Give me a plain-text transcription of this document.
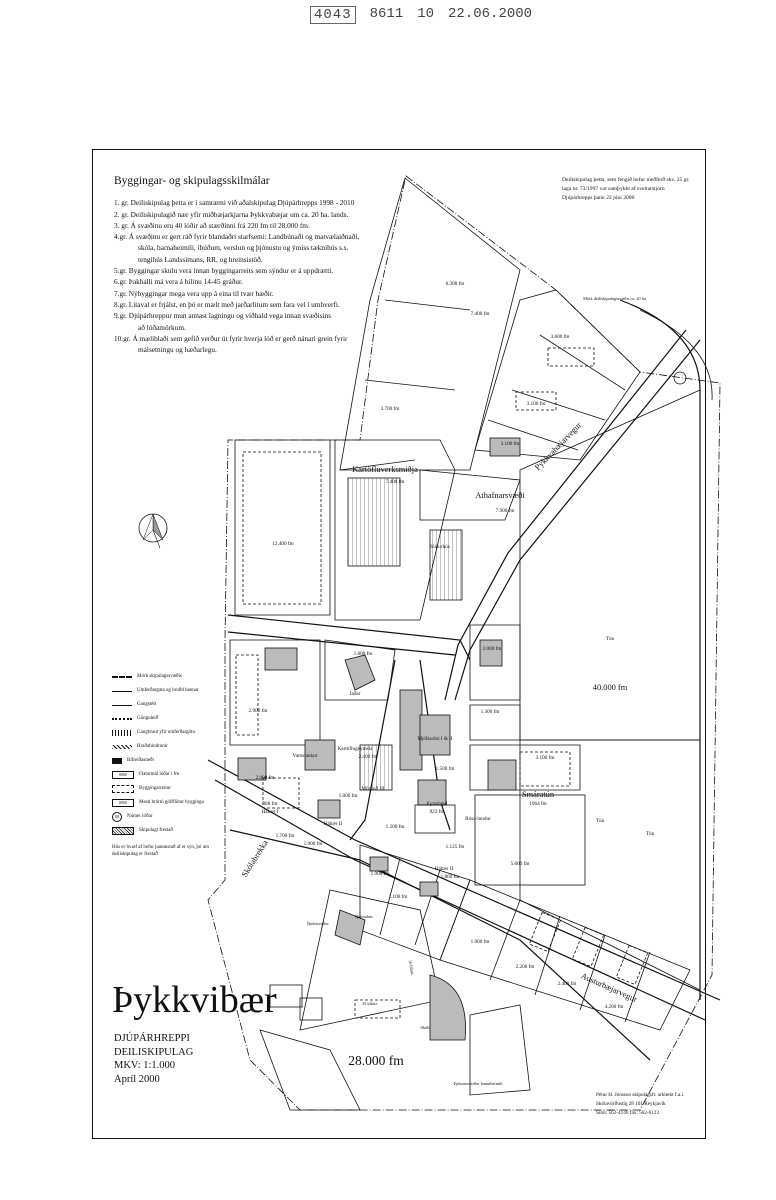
4043 8611 10 22.06.2000
6.300 fm
7.400 fm
3.700 fm
3.600 fm
3.100 fm
3.100 fm
Mörk deiliskipulagssvæðis ca. 20 ha.
Kartöfluverksmiðja
7.400 fm
Athafnarsvæði
7.900 fm
Pykkvabæjarvegur
12.400 fm	Sláturhús
Tún
40.000 fm
1.800 fm
2.000 fm
Jaðar
2.900 fm	1.300 fm
Mjólkurbú I & II
Kartöflugeymsla
2.400 fm
Vatnstankur
2.000 fm
1.500 fm
3.100 fm
Smáratún
1064 fm
Mörkuð III
388 fm
Hábær I
1.000 fm
Eyrarland
923 fm
Rósa-lundur
Hábær II
1.700 fm
1.000 fm
1.200 fm
1.125 fm
Tún
Tún
5.600 fm
Skólabrekka	1.000 fm
1.100 fm
Hábær II
1.860 fm
1.900 fm
2.200 fm
2.400 fm
4.200 fm
Íþróttavöllur
Íþróttahús
16 bílast.
Austurbæjarvegur
35 bílast.
Skóli
Þjónustuverður barnaheimili
28.000 fm
Byggingar- og skipulagsskilmálar
1. gr. Deiliskipulag þetta er í samræmi við aðalskipulag Djúpárhrepps 1998 - 2010
2. gr. Deiliskipulagið nær yfir miðbæjarkjarna Þykkvabæjar um ca. 20 ha. lands.
3. gr. Á svæðinu eru 40 lóðir að stærðinni frá 220 fm til 28.000 fm.
4.gr. Á svæðinu er gert ráð fyrir blandaðri starfsemi: Landbúnaði og matvælaiðnaði,
skóla, barnaheimili, íbúðum, verslun og þjónustu og ýmiss tæknihús s.s.
tengihús Landssímans, RR, og hreinsistöð.
5.gr. Byggingar skulu vera innan byggingarreits sem sýndur er á uppdrætti.
6.gr. Þakhalli má vera á bilinu 14-45 gráður.
7.gr. Nýbyggingar mega vera upp á eina til tvær hæðir.
8.gr. Litaval er frjálst, en þó er mælt með jarðarlitum sem fara vel í umhverfi.
9.gr. Djúpárhreppur mun annast lagningu og viðhald vega innan svæðisins
að lóðamörkum.
10.gr. Á mæliblaði sem gefið verður út fyrir hverja lóð er gerð nánari grein fyrir
málsetningu og hæðarlegu.
Deiliskipulag þetta, sem fengið hefur meðferð skv. 25 gr.
laga nr. 73/1997 var samþykkt af sveitarstjórn
Djúpárhrepps þann 22 júní 2000
Mörk skipulagssvæðis
Umferðargata og bruðd hennar
Gangstétt
Gönguleið
Gangbraut yfir umferðargötu
Hraðahindrunir
Bifreiðastæði
0000	Flatarmál lóðar í fm
Byggingarreitur
0000	Mesti brúttó gólfflötur bygginga
00	Númer lóðar
Skipulagi frestað
Hús er hvarf af hefur þaunnstað af er sýn, þó um deiliskipulag er frestað
Þykkvibær
DJÚPÁRHREPPI
DEILISKIPULAG
MKV: 1:1.000
Apríl 2000
Pétur H. Jónsson skipulagsfr. arkitekt f.a.í.
Skólavörðustíg 28 101 Reykjavík
Sími: 562-4140 fax: 562-6123
